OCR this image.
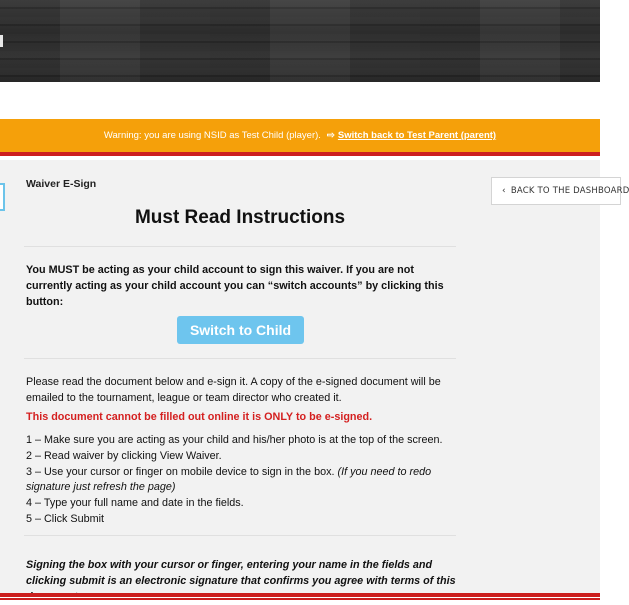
Warning: you are using NSID as Test Child (player). ⇨ Switch back to Test Parent (parent)
Waiver E-Sign
‹ BACK TO THE DASHBOARD
Must Read Instructions
You MUST be acting as your child account to sign this waiver. If you are not currently acting as your child account you can “switch accounts” by clicking this button:
Switch to Child
Please read the document below and e-sign it. A copy of the e-signed document will be emailed to the tournament, league or team director who created it.
This document cannot be filled out online it is ONLY to be e-signed.
1 – Make sure you are acting as your child and his/her photo is at the top of the screen.
2 – Read waiver by clicking View Waiver.
3 – Use your cursor or finger on mobile device to sign in the box. (If you need to redo signature just refresh the page)
4 – Type your full name and date in the fields.
5 – Click Submit
Signing the box with your cursor or finger, entering your name in the fields and clicking submit is an electronic signature that confirms you agree with terms of this
